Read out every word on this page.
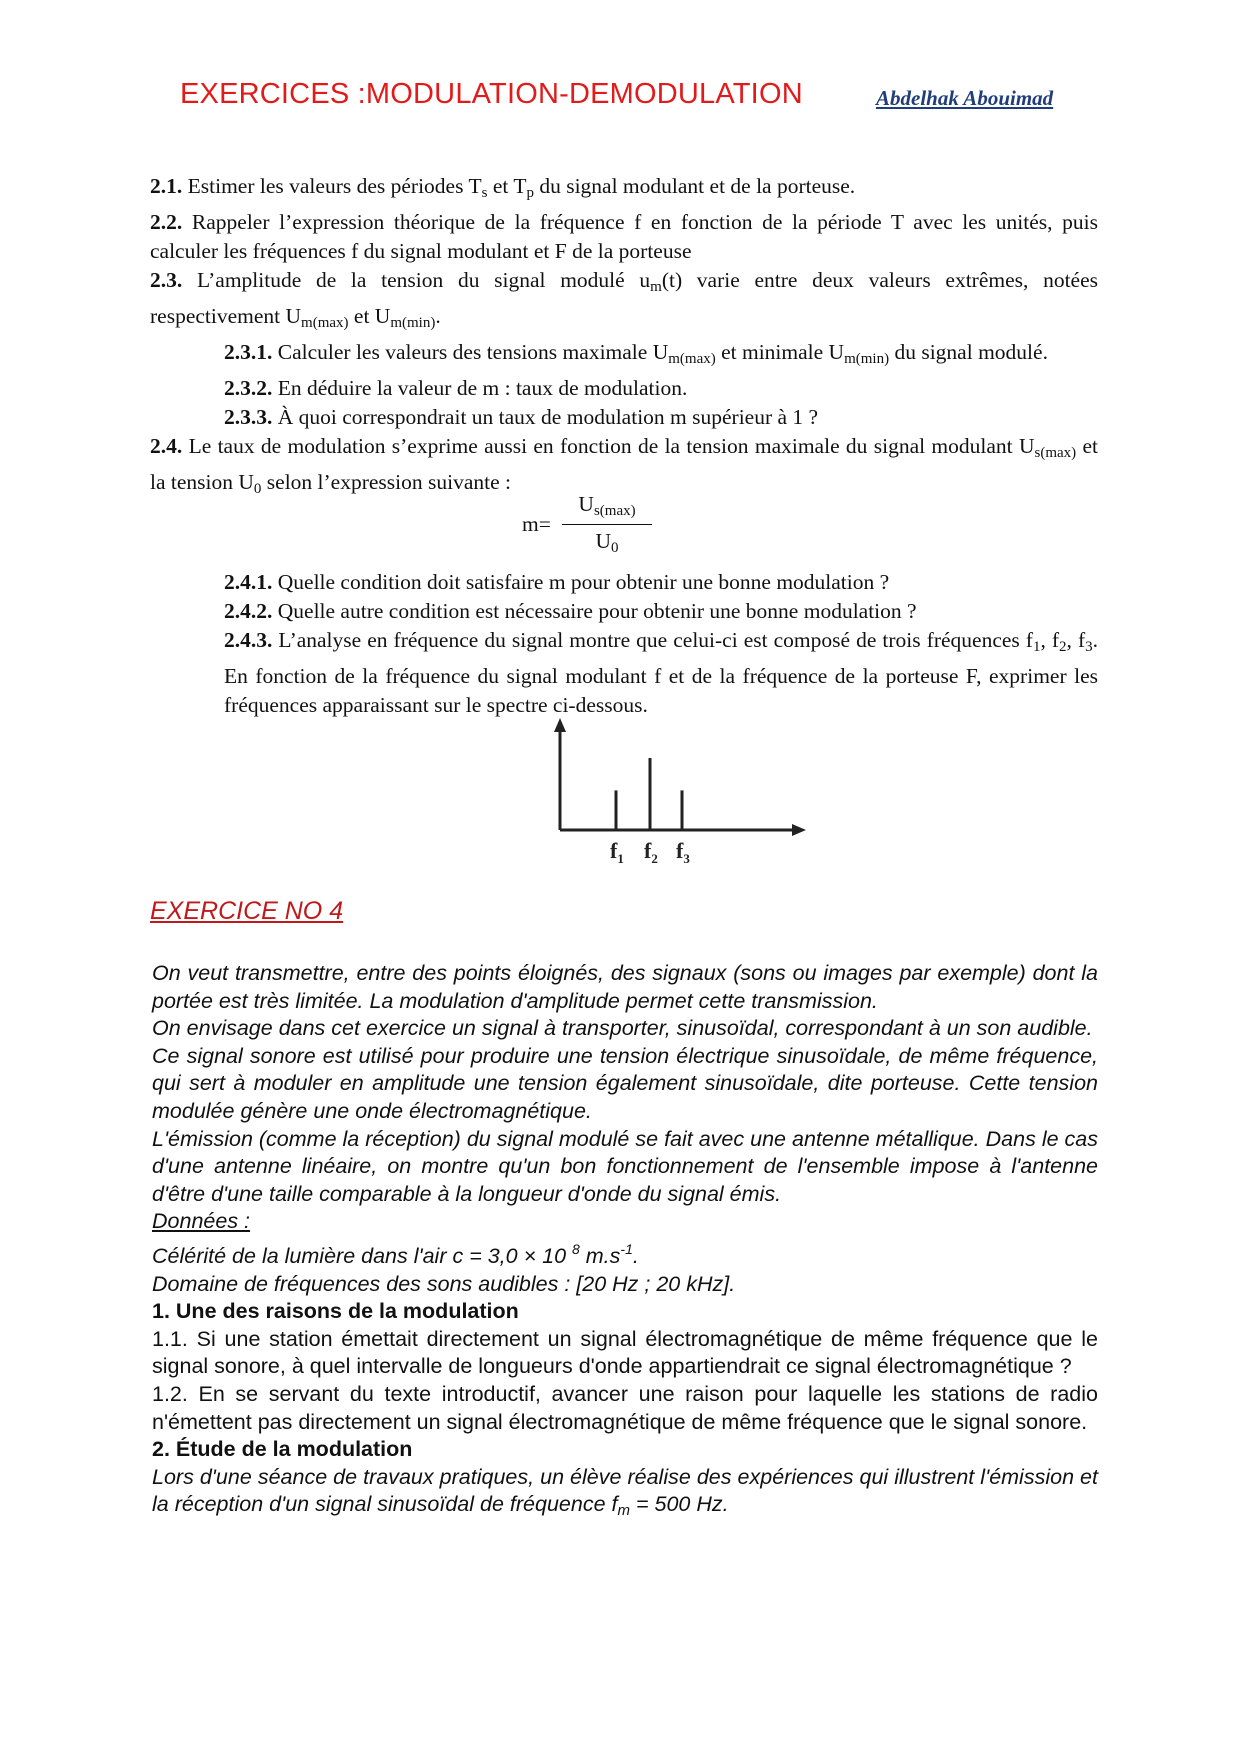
EXERCICES :MODULATION-DEMODULATION	Abdelhak Abouimad

2.1. Estimer les valeurs des périodes $T_s$ et $T_p$ du signal modulant et de la porteuse.

2.2. Rappeler l’expression théorique de la fréquence f en fonction de la période T avec les unités, puis calculer les fréquences f du signal modulant et F de la porteuse

2.3. L’amplitude de la tension du signal modulé $u_m(t)$ varie entre deux valeurs extrêmes, notées respectivement $U_{m(max)}$ et $U_{m(min)}$.

2.3.1. Calculer les valeurs des tensions maximale $U_{m(max)}$ et minimale $U_{m(min)}$ du signal modulé.

2.3.2. En déduire la valeur de m : taux de modulation.

2.3.3. À quoi correspondrait un taux de modulation m supérieur à 1 ?

2.4. Le taux de modulation s’exprime aussi en fonction de la tension maximale du signal modulant $U_{s(max)}$ et la tension $U_0$ selon l’expression suivante :

m=
$U_{s(max)}$
$U_0$

2.4.1. Quelle condition doit satisfaire m pour obtenir une bonne modulation ?

2.4.2. Quelle autre condition est nécessaire pour obtenir une bonne modulation ?

2.4.3. L’analyse en fréquence du signal montre que celui-ci est composé de trois fréquences $f_1$, $f_2$, $f_3$. En fonction de la fréquence du signal modulant f et de la fréquence de la porteuse F, exprimer les fréquences apparaissant sur le spectre ci-dessous.

$f_1$ $f_2$ $f_3$
EXERCICE NO 4

On veut transmettre, entre des points éloignés, des signaux (sons ou images par exemple) dont la portée est très limitée. La modulation d'amplitude permet cette transmission.

On envisage dans cet exercice un signal à transporter, sinusoïdal, correspondant à un son audible.

Ce signal sonore est utilisé pour produire une tension électrique sinusoïdale, de même fréquence, qui sert à moduler en amplitude une tension également sinusoïdale, dite porteuse. Cette tension modulée génère une onde électromagnétique.

L'émission (comme la réception) du signal modulé se fait avec une antenne métallique. Dans le cas d'une antenne linéaire, on montre qu'un bon fonctionnement de l'ensemble impose à l'antenne d'être d'une taille comparable à la longueur d'onde du signal émis.

Données :

Célérité de la lumière dans l'air c = 3,0 × 10 $^8$ $m.s^{-1}$.

Domaine de fréquences des sons audibles : [20 Hz ; 20 kHz].

1. Une des raisons de la modulation

1.1. Si une station émettait directement un signal électromagnétique de même fréquence que le signal sonore, à quel intervalle de longueurs d'onde appartiendrait ce signal électromagnétique ?

1.2. En se servant du texte introductif, avancer une raison pour laquelle les stations de radio n'émettent pas directement un signal électromagnétique de même fréquence que le signal sonore.

2. Étude de la modulation

Lors d'une séance de travaux pratiques, un élève réalise des expériences qui illustrent l'émission et la réception d'un signal sinusoïdal de fréquence fm = 500 Hz.
